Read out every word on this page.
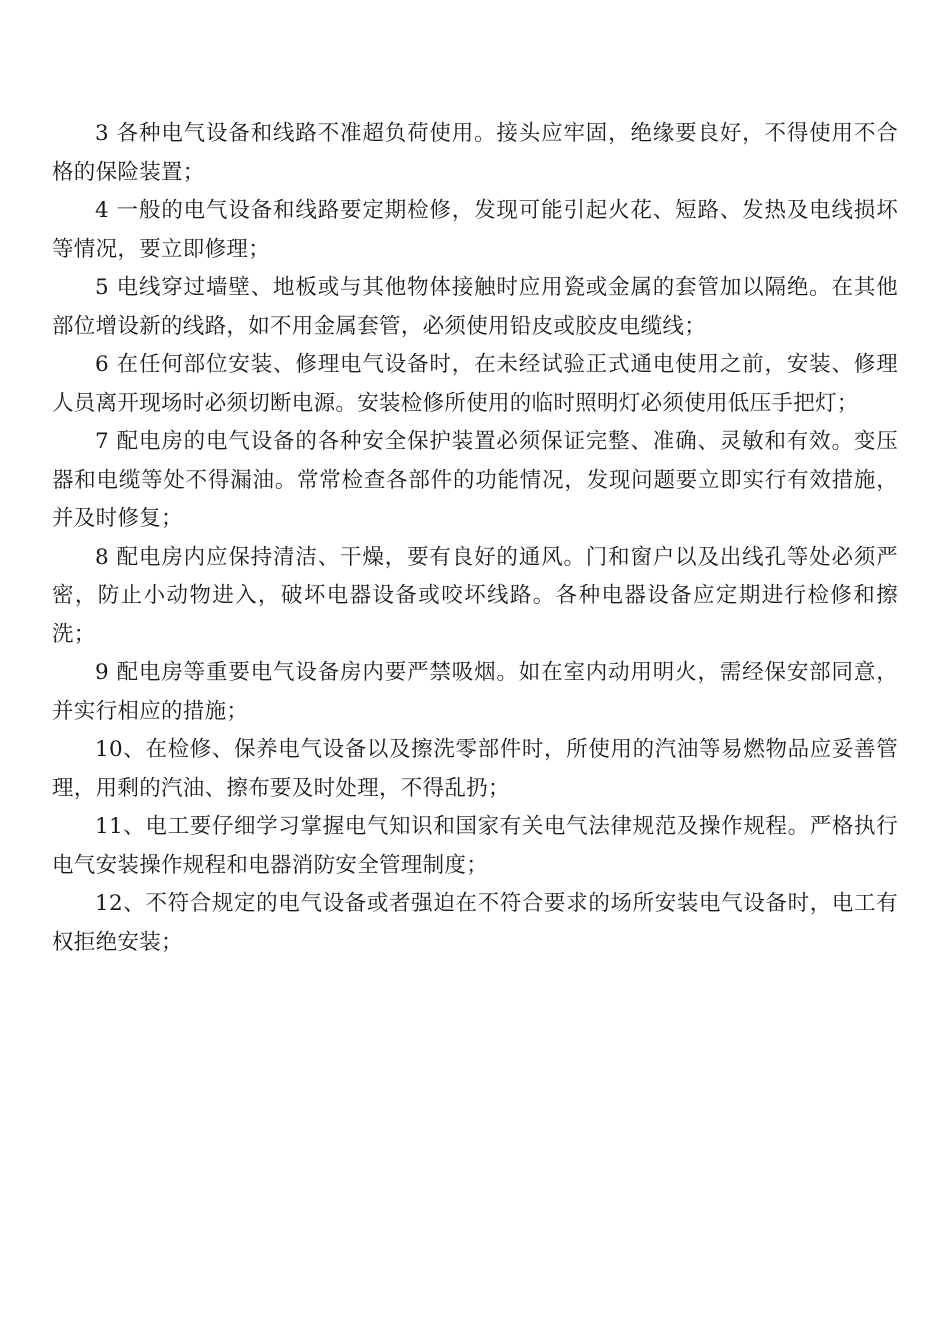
3 各种电气设备和线路不准超负荷使用。接头应牢固，绝缘要良好，不得使用不合格的保险装置；

4 一般的电气设备和线路要定期检修，发现可能引起火花、短路、发热及电线损坏等情况，要立即修理；

5 电线穿过墙壁、地板或与其他物体接触时应用瓷或金属的套管加以隔绝。在其他部位增设新的线路，如不用金属套管，必须使用铅皮或胶皮电缆线；

6 在任何部位安装、修理电气设备时，在未经试验正式通电使用之前，安装、修理人员离开现场时必须切断电源。安装检修所使用的临时照明灯必须使用低压手把灯；

7 配电房的电气设备的各种安全保护装置必须保证完整、准确、灵敏和有效。变压器和电缆等处不得漏油。常常检查各部件的功能情况，发现问题要立即实行有效措施，并及时修复；

8 配电房内应保持清洁、干燥，要有良好的通风。门和窗户以及出线孔等处必须严密，防止小动物进入，破坏电器设备或咬坏线路。各种电器设备应定期进行检修和擦洗；

9 配电房等重要电气设备房内要严禁吸烟。如在室内动用明火，需经保安部同意，并实行相应的措施；

10、在检修、保养电气设备以及擦洗零部件时，所使用的汽油等易燃物品应妥善管理，用剩的汽油、擦布要及时处理，不得乱扔；

11、电工要仔细学习掌握电气知识和国家有关电气法律规范及操作规程。严格执行电气安装操作规程和电器消防安全管理制度；

12、不符合规定的电气设备或者强迫在不符合要求的场所安装电气设备时，电工有权拒绝安装；
